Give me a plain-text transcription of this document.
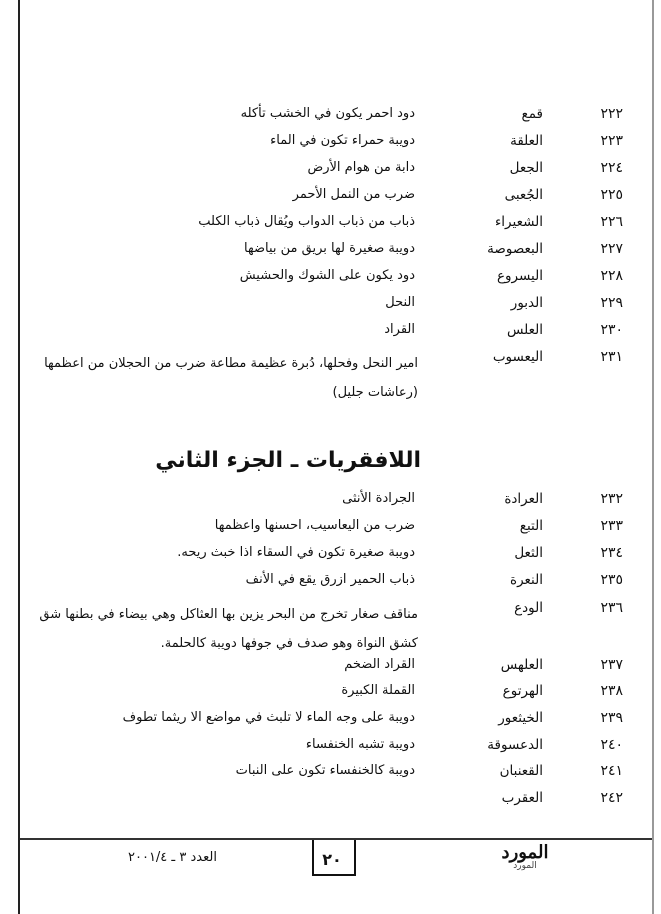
٢٢٢
قمع
دود احمر يكون في الخشب تأكله
٢٢٣
العلقة
دويبة حمراء تكون في الماء
٢٢٤
الجعل
دابة من هوام الأرض
٢٢٥
الجُعبى
ضرب من النمل الأحمر
٢٢٦
الشعيراء
ذباب من ذباب الدواب ويُقال ذباب الكلب
٢٢٧
البعصوصة
دويبة صغيرة لها بريق من بياضها
٢٢٨
اليسروع
دود يكون على الشوك والحشيش
٢٢٩
الدبور
النحل
٢٣٠
العلس
القراد
٢٣١
اليعسوب
امير النحل وفحلها، دُبرة عظيمة مطاعة ضرب من الحجلان من اعظمها (رعاشات جليل)
اللافقريات ـ الجزء الثاني
٢٣٢
العرادة
الجرادة الأنثى
٢٣٣
التبع
ضرب من اليعاسيب، احسنها واعظمها
٢٣٤
الثعل
دويبة صغيرة تكون في السقاء اذا خبث ريحه.
٢٣٥
النعرة
ذباب الحمير ازرق يقع في الأنف
٢٣٦
الودع
مناقف صغار تخرج من البحر يزين بها العثاكل وهي بيضاء في بطنها شق كشق النواة وهو صدف في جوفها دويبة كالحلمة.
٢٣٧
العلهس
القراد الضخم
٢٣٨
الهرتوع
القملة الكبيرة
٢٣٩
الخيثعور
دويبة على وجه الماء لا تلبث في مواضع الا ريثما تطوف
٢٤٠
الدعسوقة
دويبة تشبه الخنفساء
٢٤١
القعنبان
دويبة كالخنفساء تكون على النبات
٢٤٢
العقرب
العدد ٣ ـ ٢٠٠١/٤	٢٠	المورد
المورد
